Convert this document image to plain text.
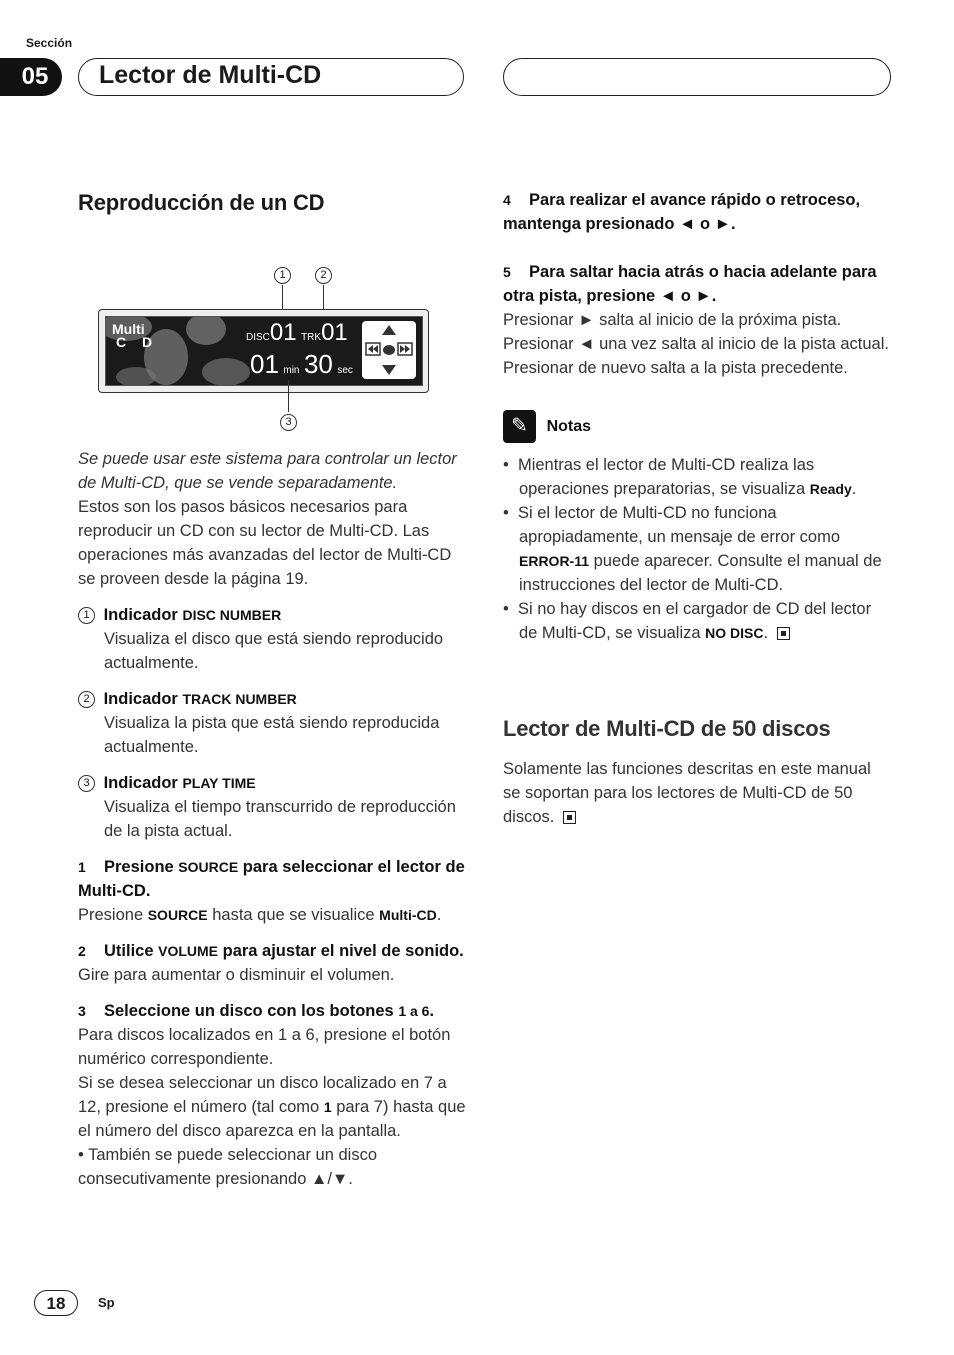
Sección
05	Lector de Multi-CD
Reproducción de un CD
1	2
Multi
C D	DISC01 TRK01
01 min 30 sec
3
Se puede usar este sistema para controlar un lector de Multi-CD, que se vende separadamente.
Estos son los pasos básicos necesarios para reproducir un CD con su lector de Multi-CD. Las operaciones más avanzadas del lector de Multi-CD se proveen desde la página 19.
1 Indicador DISC NUMBER
Visualiza el disco que está siendo reproducido actualmente.
2 Indicador TRACK NUMBER
Visualiza la pista que está siendo reproducida actualmente.
3 Indicador PLAY TIME
Visualiza el tiempo transcurrido de reproducción de la pista actual.
1 Presione SOURCE para seleccionar el lector de Multi-CD.
Presione SOURCE hasta que se visualice Multi-CD.
2 Utilice VOLUME para ajustar el nivel de sonido.
Gire para aumentar o disminuir el volumen.
3 Seleccione un disco con los botones 1 a 6.
Para discos localizados en 1 a 6, presione el botón numérico correspondiente.
Si se desea seleccionar un disco localizado en 7 a 12, presione el número (tal como 1 para 7) hasta que el número del disco aparezca en la pantalla.
• También se puede seleccionar un disco consecutivamente presionando ▲/▼.
4 Para realizar el avance rápido o retroceso, mantenga presionado ◄ o ►.
5 Para saltar hacia atrás o hacia adelante para otra pista, presione ◄ o ►.
Presionar ► salta al inicio de la próxima pista. Presionar ◄ una vez salta al inicio de la pista actual. Presionar de nuevo salta a la pista precedente.
✎ Notas
•  Mientras el lector de Multi-CD realiza las operaciones preparatorias, se visualiza Ready.
•  Si el lector de Multi-CD no funciona apropiadamente, un mensaje de error como ERROR-11 puede aparecer. Consulte el manual de instrucciones del lector de Multi-CD.
•  Si no hay discos en el cargador de CD del lector de Multi-CD, se visualiza NO DISC.
Lector de Multi-CD de 50 discos
Solamente las funciones descritas en este manual se soportan para los lectores de Multi-CD de 50 discos.
18	Sp
